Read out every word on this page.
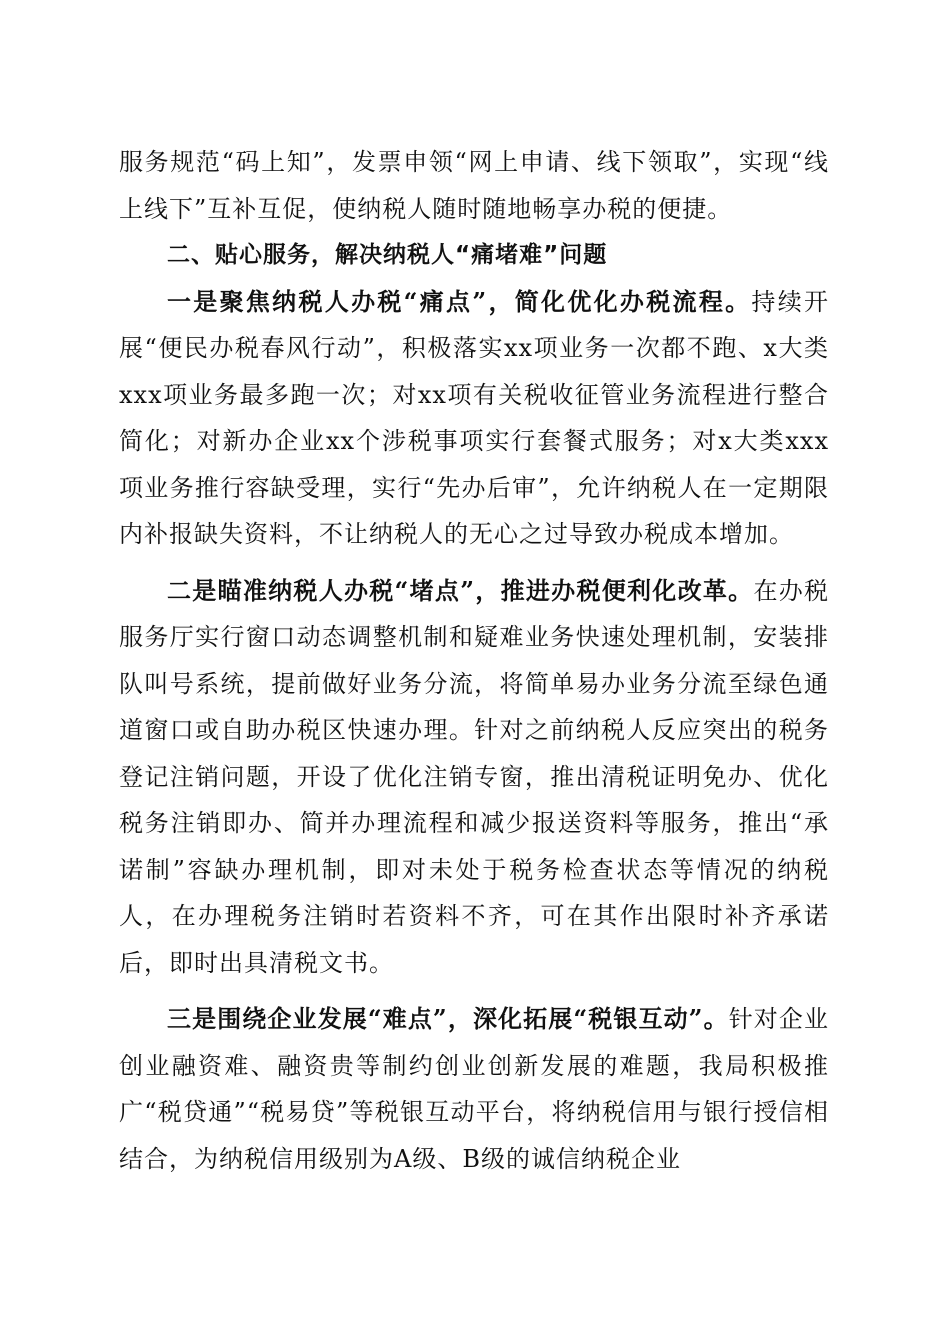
服务规范“码上知”，发票申领“网上申请、线下领取”，实现“线上线下”互补互促，使纳税人随时随地畅享办税的便捷。

二、贴心服务，解决纳税人“痛堵难”问题

一是聚焦纳税人办税“痛点”，简化优化办税流程。持续开展“便民办税春风行动”，积极落实xx项业务一次都不跑、x大类xxx项业务最多跑一次；对xx项有关税收征管业务流程进行整合简化；对新办企业xx个涉税事项实行套餐式服务；对x大类xxx项业务推行容缺受理，实行“先办后审”，允许纳税人在一定期限内补报缺失资料，不让纳税人的无心之过导致办税成本增加。

二是瞄准纳税人办税“堵点”，推进办税便利化改革。在办税服务厅实行窗口动态调整机制和疑难业务快速处理机制，安装排队叫号系统，提前做好业务分流，将简单易办业务分流至绿色通道窗口或自助办税区快速办理。针对之前纳税人反应突出的税务登记注销问题，开设了优化注销专窗，推出清税证明免办、优化税务注销即办、简并办理流程和减少报送资料等服务，推出“承诺制”容缺办理机制，即对未处于税务检查状态等情况的纳税人，在办理税务注销时若资料不齐，可在其作出限时补齐承诺后，即时出具清税文书。

三是围绕企业发展“难点”，深化拓展“税银互动”。针对企业创业融资难、融资贵等制约创业创新发展的难题，我局积极推广“税贷通”“税易贷”等税银互动平台，将纳税信用与银行授信相结合，为纳税信用级别为A级、B级的诚信纳税企业
